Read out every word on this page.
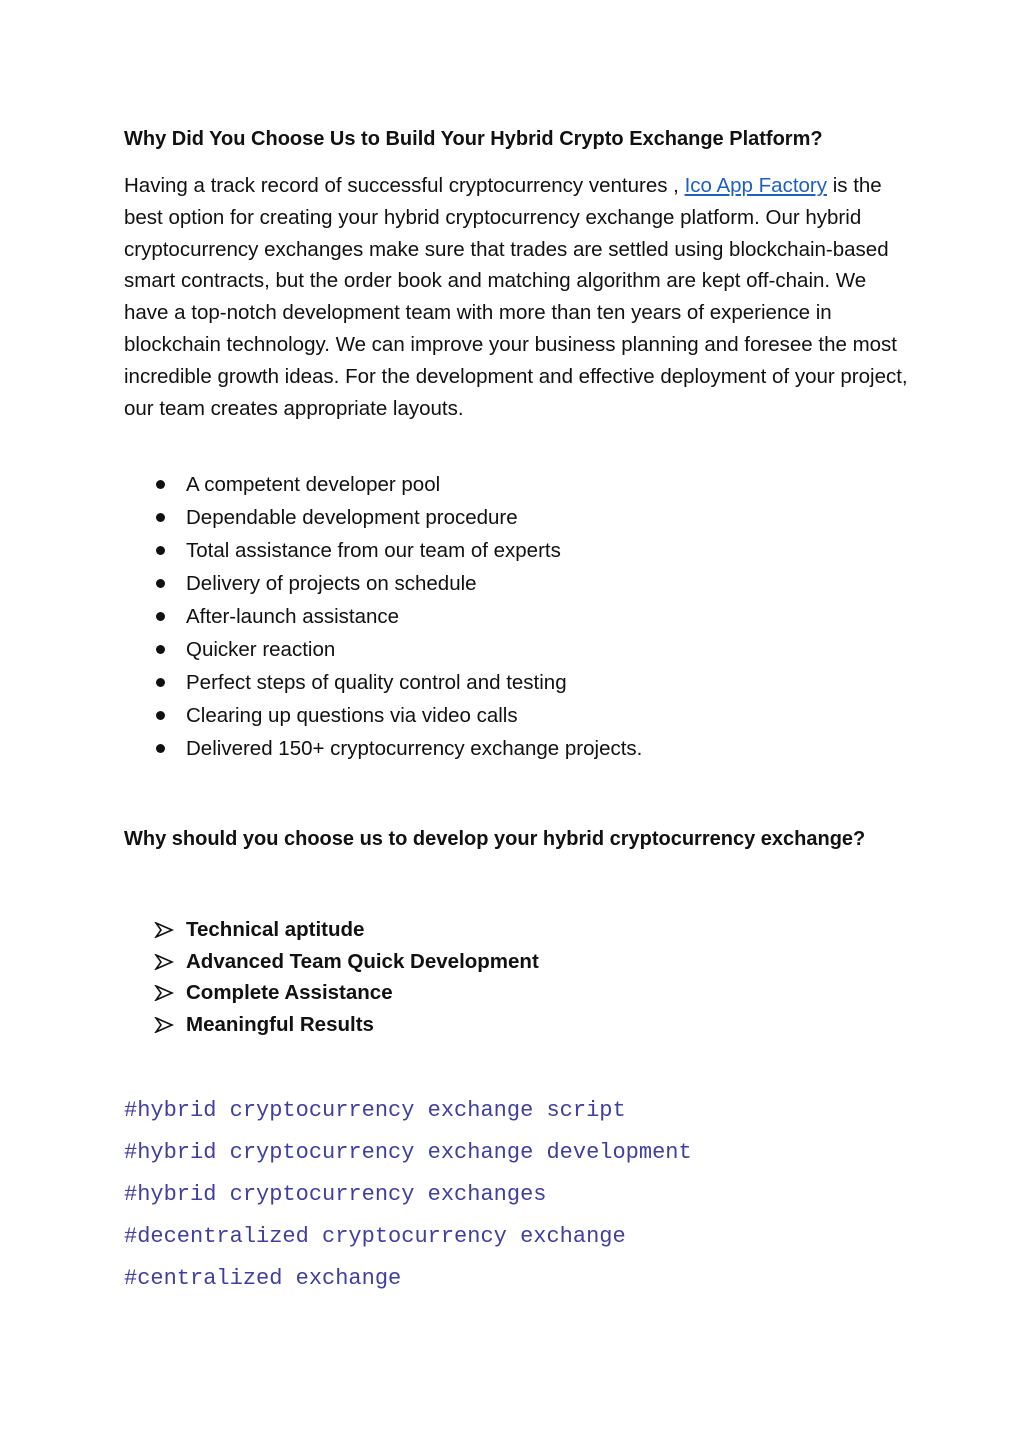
Why Did You Choose Us to Build Your Hybrid Crypto Exchange Platform?
Having a track record of successful cryptocurrency ventures , Ico App Factory is the best option for creating your hybrid cryptocurrency exchange platform. Our hybrid cryptocurrency exchanges make sure that trades are settled using blockchain-based smart contracts, but the order book and matching algorithm are kept off-chain. We have a top-notch development team with more than ten years of experience in blockchain technology. We can improve your business planning and foresee the most incredible growth ideas. For the development and effective deployment of your project, our team creates appropriate layouts.
A competent developer pool
Dependable development procedure
Total assistance from our team of experts
Delivery of projects on schedule
After-launch assistance
Quicker reaction
Perfect steps of quality control and testing
Clearing up questions via video calls
Delivered 150+ cryptocurrency exchange projects.
Why should you choose us to develop your hybrid cryptocurrency exchange?
Technical aptitude
Advanced Team Quick Development
Complete Assistance
Meaningful Results
#hybrid cryptocurrency exchange script
#hybrid cryptocurrency exchange development
#hybrid cryptocurrency exchanges
#decentralized cryptocurrency exchange
#centralized exchange
